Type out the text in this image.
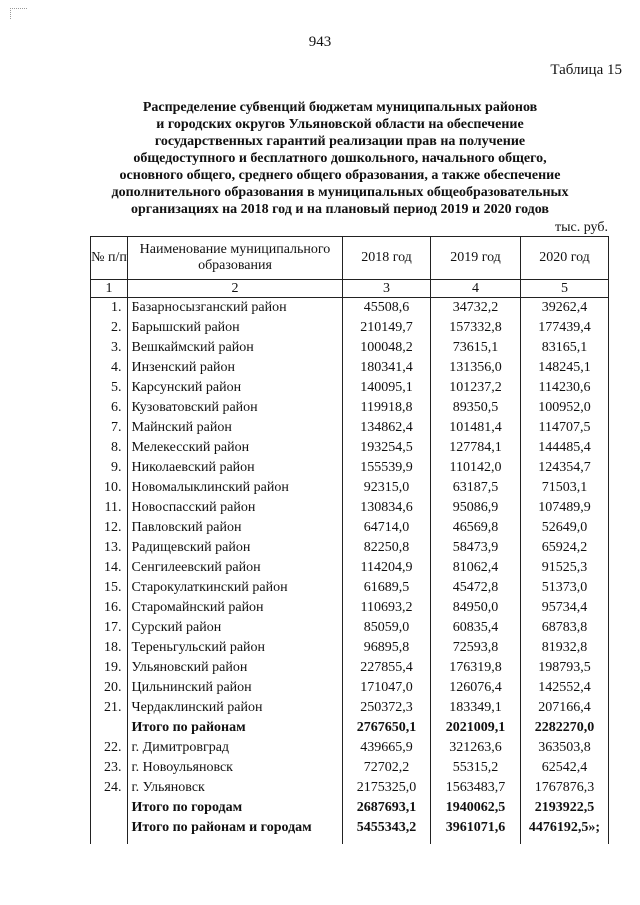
943
Таблица 15
Распределение субвенций бюджетам муниципальных районов
и городских округов Ульяновской области на обеспечение
государственных гарантий реализации прав на получение
общедоступного и бесплатного дошкольного, начального общего,
основного общего, среднего общего образования, а также обеспечение
дополнительного образования в муниципальных общеобразовательных
организациях на 2018 год и на плановый период 2019 и 2020 годов
тыс. руб.
№ п/п	Наименование муниципального образования	2018 год	2019 год	2020 год
1	2	3	4	5
1.	Базарносызганский район	45508,6	34732,2	39262,4
2.	Барышский район	210149,7	157332,8	177439,4
3.	Вешкаймский район	100048,2	73615,1	83165,1
4.	Инзенский район	180341,4	131356,0	148245,1
5.	Карсунский район	140095,1	101237,2	114230,6
6.	Кузоватовский район	119918,8	89350,5	100952,0
7.	Майнский район	134862,4	101481,4	114707,5
8.	Мелекесский район	193254,5	127784,1	144485,4
9.	Николаевский район	155539,9	110142,0	124354,7
10.	Новомалыклинский район	92315,0	63187,5	71503,1
11.	Новоспасский район	130834,6	95086,9	107489,9
12.	Павловский район	64714,0	46569,8	52649,0
13.	Радищевский район	82250,8	58473,9	65924,2
14.	Сенгилеевский район	114204,9	81062,4	91525,3
15.	Старокулаткинский район	61689,5	45472,8	51373,0
16.	Старомайнский район	110693,2	84950,0	95734,4
17.	Сурский район	85059,0	60835,4	68783,8
18.	Тереньгульский район	96895,8	72593,8	81932,8
19.	Ульяновский район	227855,4	176319,8	198793,5
20.	Цильнинский район	171047,0	126076,4	142552,4
21.	Чердаклинский район	250372,3	183349,1	207166,4
	Итого по районам	2767650,1	2021009,1	2282270,0
22.	г. Димитровград	439665,9	321263,6	363503,8
23.	г. Новоульяновск	72702,2	55315,2	62542,4
24.	г. Ульяновск	2175325,0	1563483,7	1767876,3
	Итого по городам	2687693,1	1940062,5	2193922,5
	Итого по районам и городам	5455343,2	3961071,6	4476192,5»;
